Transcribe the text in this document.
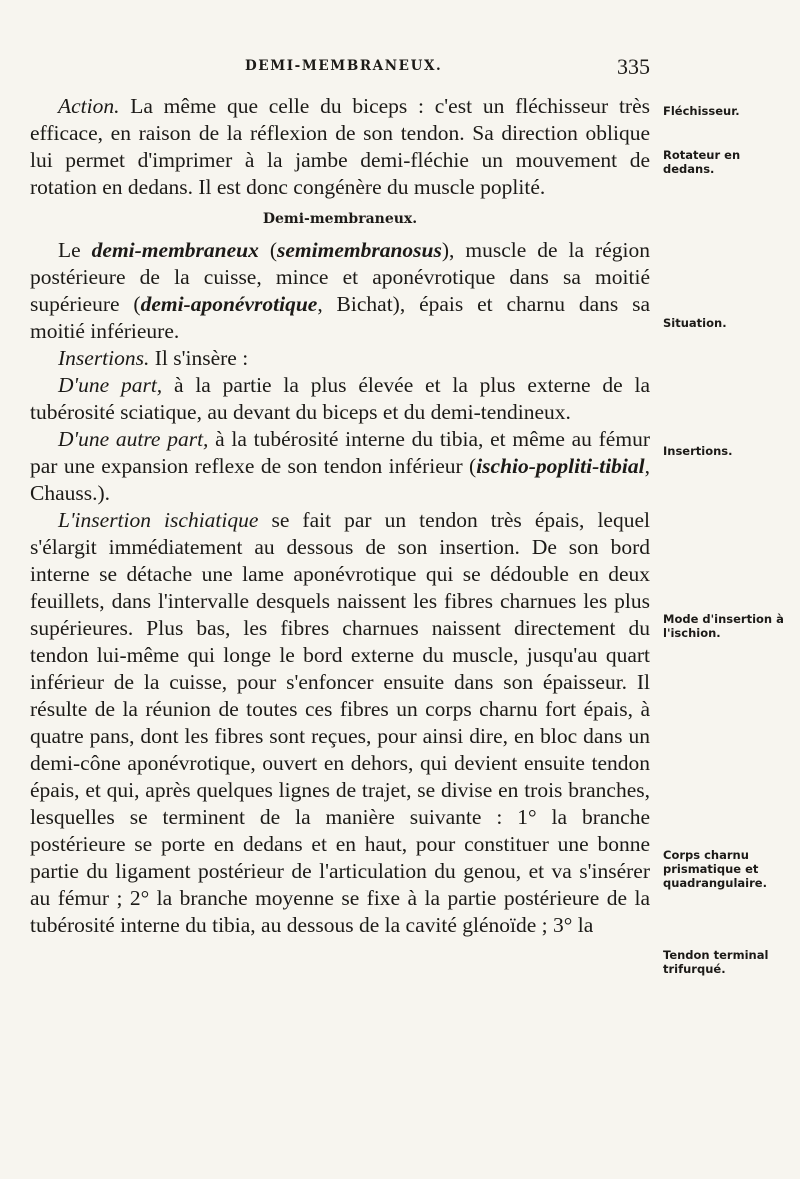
DEMI-MEMBRANEUX.	335

Action. La même que celle du biceps : c'est un fléchisseur très efficace, en raison de la réflexion de son tendon. Sa direction oblique lui permet d'imprimer à la jambe demi-fléchie un mouvement de rotation en dedans. Il est donc congénère du muscle poplité.

Demi-membraneux.

Le demi-membraneux (semimembranosus), muscle de la région postérieure de la cuisse, mince et aponévrotique dans sa moitié supérieure (demi-aponévrotique, Bichat), épais et charnu dans sa moitié inférieure.

Insertions. Il s'insère :

D'une part, à la partie la plus élevée et la plus externe de la tubérosité sciatique, au devant du biceps et du demi-tendineux.

D'une autre part, à la tubérosité interne du tibia, et même au fémur par une expansion reflexe de son tendon inférieur (ischio-popliti-tibial, Chauss.).

L'insertion ischiatique se fait par un tendon très épais, lequel s'élargit immédiatement au dessous de son insertion. De son bord interne se détache une lame aponévrotique qui se dédouble en deux feuillets, dans l'intervalle desquels naissent les fibres charnues les plus supérieures. Plus bas, les fibres charnues naissent directement du tendon lui-même qui longe le bord externe du muscle, jusqu'au quart inférieur de la cuisse, pour s'enfoncer ensuite dans son épaisseur. Il résulte de la réunion de toutes ces fibres un corps charnu fort épais, à quatre pans, dont les fibres sont reçues, pour ainsi dire, en bloc dans un demi-cône aponévrotique, ouvert en dehors, qui devient ensuite tendon épais, et qui, après quelques lignes de trajet, se divise en trois branches, lesquelles se terminent de la manière suivante : 1° la branche postérieure se porte en dedans et en haut, pour constituer une bonne partie du ligament postérieur de l'articulation du genou, et va s'insérer au fémur ; 2° la branche moyenne se fixe à la partie postérieure de la tubérosité interne du tibia, au dessous de la cavité glénoïde ; 3° la

Fléchisseur.
Rotateur en dedans.
Situation.
Insertions.
Mode d'insertion à l'ischion.
Corps charnu prismatique et quadrangulaire.
Tendon terminal trifurqué.
